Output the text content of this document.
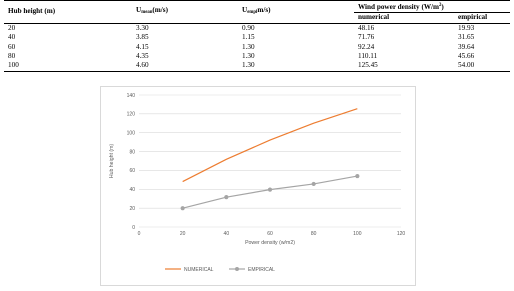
Hub height (m)	$U_{mean}(m/s)$	$U_{empl}m/s$)	Wind power density $(W/m^2)$	
			numerical	empirical
20	3.30	0.90	48.16	19.93
40	3.85	1.15	71.76	31.65
60	4.15	1.30	92.24	39.64
80	4.35	1.30	110.11	45.66
100	4.60	1.30	125.45	54.00
0
20
40
60
80
100
120
140
0	20	40	60	80	100	120
Power density (w/m2)
Hub height (m)
NUMERICAL	EMPIRICAL
